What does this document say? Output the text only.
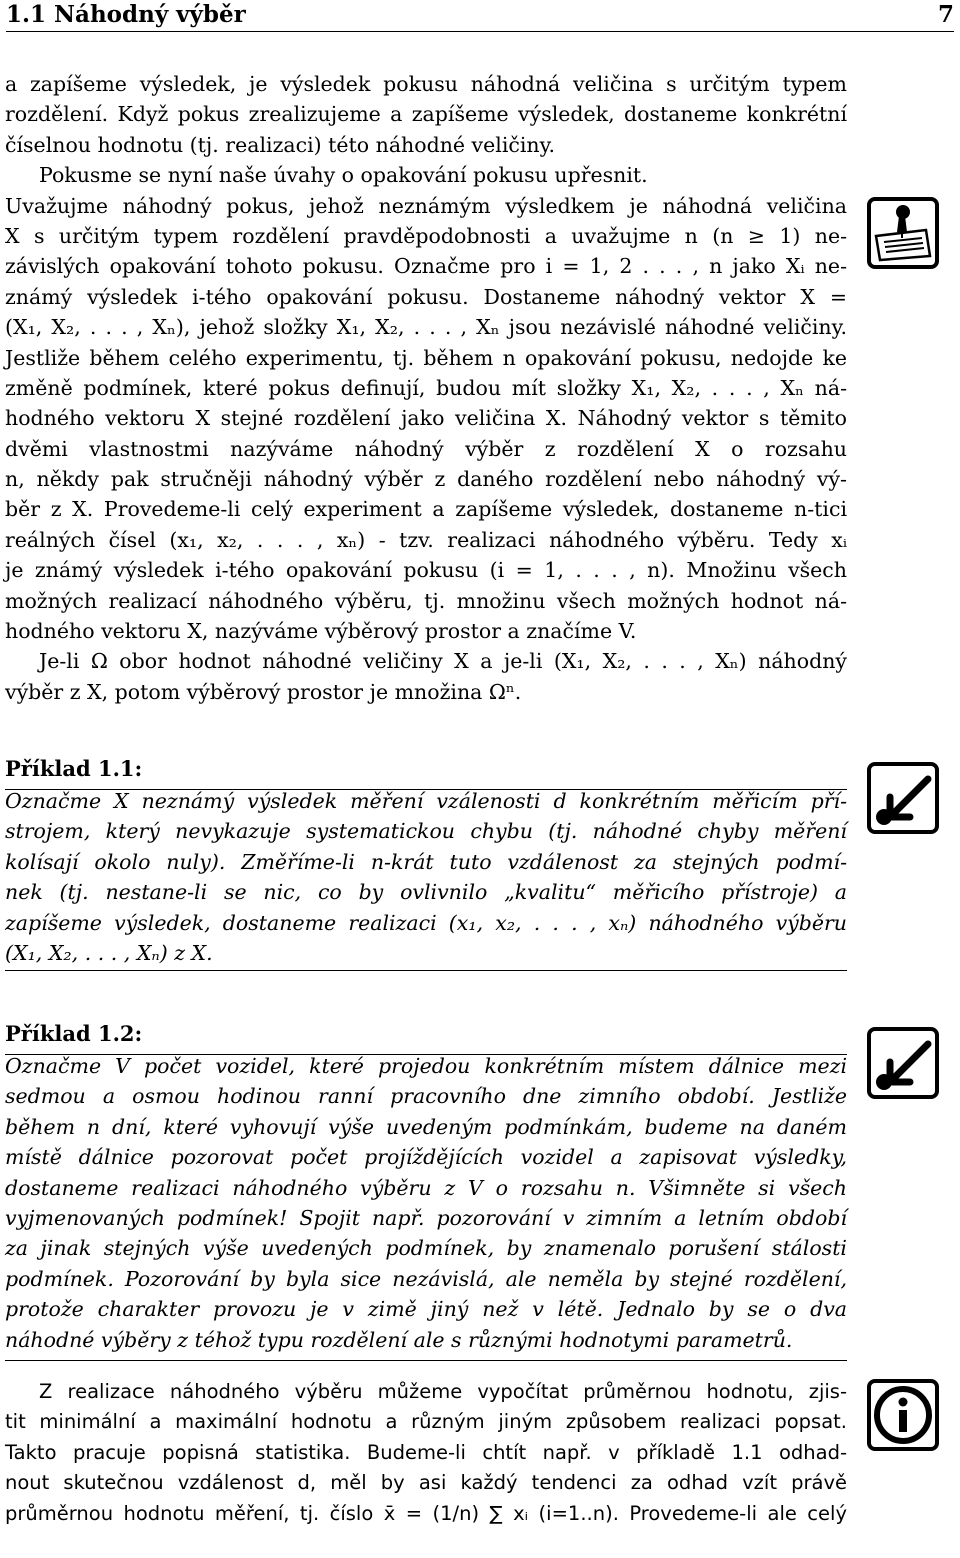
1.1 Náhodný výběr	7
a zapíšeme výsledek, je výsledek pokusu náhodná veličina s určitým typem
rozdělení. Když pokus zrealizujeme a zapíšeme výsledek, dostaneme konkrétní
číselnou hodnotu (tj. realizaci) této náhodné veličiny.
Pokusme se nyní naše úvahy o opakování pokusu upřesnit.
Uvažujme náhodný pokus, jehož neznámým výsledkem je náhodná veličina
X s určitým typem rozdělení pravděpodobnosti a uvažujme n (n ≥ 1) ne-
závislých opakování tohoto pokusu. Označme pro i = 1, 2 . . . , n jako Xᵢ ne-
známý výsledek i-tého opakování pokusu. Dostaneme náhodný vektor X =
(X₁, X₂, . . . , Xₙ), jehož složky X₁, X₂, . . . , Xₙ jsou nezávislé náhodné veličiny.
Jestliže během celého experimentu, tj. během n opakování pokusu, nedojde ke
změně podmínek, které pokus definují, budou mít složky X₁, X₂, . . . , Xₙ ná-
hodného vektoru X stejné rozdělení jako veličina X. Náhodný vektor s těmito
dvěmi vlastnostmi nazýváme náhodný výběr z rozdělení X o rozsahu
n, někdy pak stručněji náhodný výběr z daného rozdělení nebo náhodný vý-
běr z X. Provedeme-li celý experiment a zapíšeme výsledek, dostaneme n-tici
reálných čísel (x₁, x₂, . . . , xₙ) - tzv. realizaci náhodného výběru. Tedy xᵢ
je známý výsledek i-tého opakování pokusu (i = 1, . . . , n). Množinu všech
možných realizací náhodného výběru, tj. množinu všech možných hodnot ná-
hodného vektoru X, nazýváme výběrový prostor a značíme V.
Je-li Ω obor hodnot náhodné veličiny X a je-li (X₁, X₂, . . . , Xₙ) náhodný
výběr z X, potom výběrový prostor je množina Ωⁿ.
Příklad 1.1:
Označme X neznámý výsledek měření vzálenosti d konkrétním měřicím pří-
strojem, který nevykazuje systematickou chybu (tj. náhodné chyby měření
kolísají okolo nuly). Změříme-li n-krát tuto vzdálenost za stejných podmí-
nek (tj. nestane-li se nic, co by ovlivnilo „kvalitu“ měřicího přístroje) a
zapíšeme výsledek, dostaneme realizaci (x₁, x₂, . . . , xₙ) náhodného výběru
(X₁, X₂, . . . , Xₙ) z X.
Příklad 1.2:
Označme V počet vozidel, které projedou konkrétním místem dálnice mezi
sedmou a osmou hodinou ranní pracovního dne zimního období. Jestliže
během n dní, které vyhovují výše uvedeným podmínkám, budeme na daném
místě dálnice pozorovat počet projíždějících vozidel a zapisovat výsledky,
dostaneme realizaci náhodného výběru z V o rozsahu n. Všimněte si všech
vyjmenovaných podmínek! Spojit např. pozorování v zimním a letním období
za jinak stejných výše uvedených podmínek, by znamenalo porušení stálosti
podmínek. Pozorování by byla sice nezávislá, ale neměla by stejné rozdělení,
protože charakter provozu je v zimě jiný než v létě. Jednalo by se o dva
náhodné výběry z téhož typu rozdělení ale s různými hodnotymi parametrů.
Z realizace náhodného výběru můžeme vypočítat průměrnou hodnotu, zjis-
tit minimální a maximální hodnotu a různým jiným způsobem realizaci popsat.
Takto pracuje popisná statistika. Budeme-li chtít např. v příkladě 1.1 odhad-
nout skutečnou vzdálenost d, měl by asi každý tendenci za odhad vzít právě
průměrnou hodnotu měření, tj. číslo x̄ = (1/n) ∑ xᵢ (i=1..n). Provedeme-li ale celý
